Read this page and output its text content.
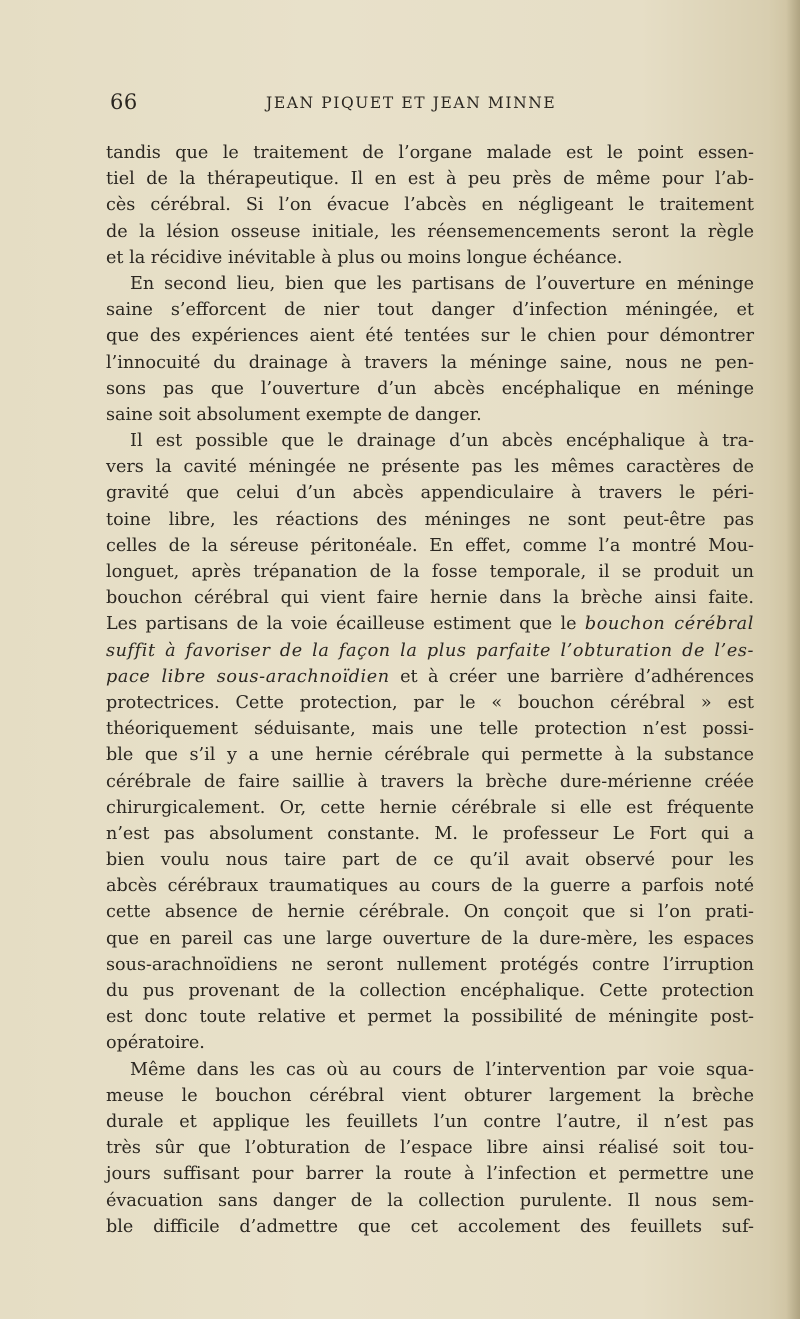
66	JEAN PIQUET ET JEAN MINNE
tandis que le traitement de l’organe malade est le point essen-
tiel de la thérapeutique. Il en est à peu près de même pour l’ab-
cès cérébral. Si l’on évacue l’abcès en négligeant le traitement
de la lésion osseuse initiale, les réensemencements seront la règle
et la récidive inévitable à plus ou moins longue échéance.
En second lieu, bien que les partisans de l’ouverture en méninge
saine s’efforcent de nier tout danger d’infection méningée, et
que des expériences aient été tentées sur le chien pour démontrer
l’innocuité du drainage à travers la méninge saine, nous ne pen-
sons pas que l’ouverture d’un abcès encéphalique en méninge
saine soit absolument exempte de danger.
Il est possible que le drainage d’un abcès encéphalique à tra-
vers la cavité méningée ne présente pas les mêmes caractères de
gravité que celui d’un abcès appendiculaire à travers le péri-
toine libre, les réactions des méninges ne sont peut-être pas
celles de la séreuse péritonéale. En effet, comme l’a montré Mou-
longuet, après trépanation de la fosse temporale, il se produit un
bouchon cérébral qui vient faire hernie dans la brèche ainsi faite.
Les partisans de la voie écailleuse estiment que le bouchon cérébral
suffit à favoriser de la façon la plus parfaite l’obturation de l’es-
pace libre sous-arachnoïdien et à créer une barrière d’adhérences
protectrices. Cette protection, par le « bouchon cérébral » est
théoriquement séduisante, mais une telle protection n’est possi-
ble que s’il y a une hernie cérébrale qui permette à la substance
cérébrale de faire saillie à travers la brèche dure-mérienne créée
chirurgicalement. Or, cette hernie cérébrale si elle est fréquente
n’est pas absolument constante. M. le professeur Le Fort qui a
bien voulu nous taire part de ce qu’il avait observé pour les
abcès cérébraux traumatiques au cours de la guerre a parfois noté
cette absence de hernie cérébrale. On conçoit que si l’on prati-
que en pareil cas une large ouverture de la dure-mère, les espaces
sous-arachnoïdiens ne seront nullement protégés contre l’irruption
du pus provenant de la collection encéphalique. Cette protection
est donc toute relative et permet la possibilité de méningite post-
opératoire.
Même dans les cas où au cours de l’intervention par voie squa-
meuse le bouchon cérébral vient obturer largement la brèche
durale et applique les feuillets l’un contre l’autre, il n’est pas
très sûr que l’obturation de l’espace libre ainsi réalisé soit tou-
jours suffisant pour barrer la route à l’infection et permettre une
évacuation sans danger de la collection purulente. Il nous sem-
ble difficile d’admettre que cet accolement des feuillets suf-
